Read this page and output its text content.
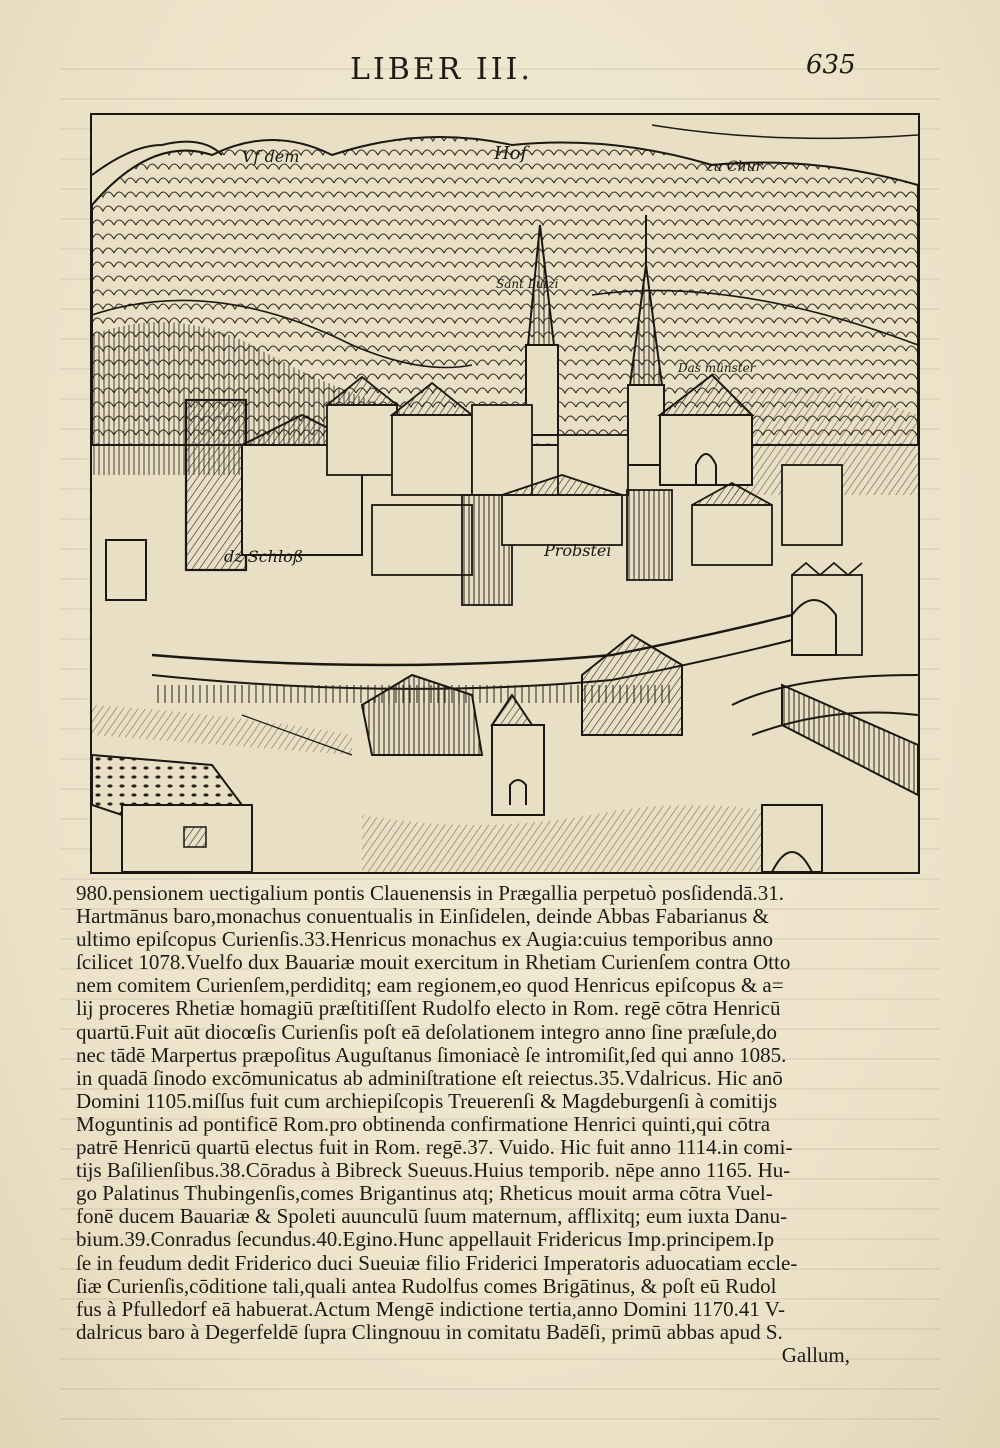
LIBER III.	635
Vf dem	Hof
zu Chur
Sant Lutzi
Das münster
dz Schloß	Probstei
980.pensionem uectigalium pontis Clauenensis in Prægallia perpetuò posſidendā.31.
Hartmānus baro,monachus conuentualis in Einſidelen, deinde Abbas Fabarianus &
ultimo epiſcopus Curienſis.33.Henricus monachus ex Augia:cuius temporibus anno
ſcilicet 1078.Vuelfo dux Bauariæ mouit exercitum in Rhetiam Curienſem contra Otto
nem comitem Curienſem,perdiditq; eam regionem,eo quod Henricus epiſcopus & a=
lij proceres Rhetiæ homagiū præſtitiſſent Rudolfo electo in Rom. regē cōtra Henricū
quartū.Fuit aūt diocœſis Curienſis poſt eā deſolationem integro anno ſine præſule,do
nec tādē Marpertus præpoſitus Auguſtanus ſimoniacè ſe intromiſit,ſed qui anno 1085.
in quadā ſinodo excōmunicatus ab adminiſtratione eſt reiectus.35.Vdalricus. Hic anō
Domini 1105.miſſus fuit cum archiepiſcopis Treuerenſi & Magdeburgenſi à comitijs
Moguntinis ad pontificē Rom.pro obtinenda confirmatione Henrici quinti,qui cōtra
patrē Henricū quartū electus fuit in Rom. regē.37. Vuido. Hic fuit anno 1114.in comi-
tijs Baſilienſibus.38.Cōradus à Bibreck Sueuus.Huius temporib. nēpe anno 1165. Hu-
go Palatinus Thubingenſis,comes Brigantinus atq; Rheticus mouit arma cōtra Vuel-
fonē ducem Bauariæ & Spoleti auunculū ſuum maternum, afflixitq; eum iuxta Danu-
bium.39.Conradus ſecundus.40.Egino.Hunc appellauit Fridericus Imp.principem.Ip
ſe in feudum dedit Friderico duci Sueuiæ filio Friderici Imperatoris aduocatiam eccle-
ſiæ Curienſis,cōditione tali,quali antea Rudolfus comes Brigātinus, & poſt eū Rudol
fus à Pfulledorf eā habuerat.Actum Mengē indictione tertia,anno Domini 1170.41 V-
dalricus baro à Degerfeldē ſupra Clingnouu in comitatu Badēſi, primū abbas apud S.
Gallum,
